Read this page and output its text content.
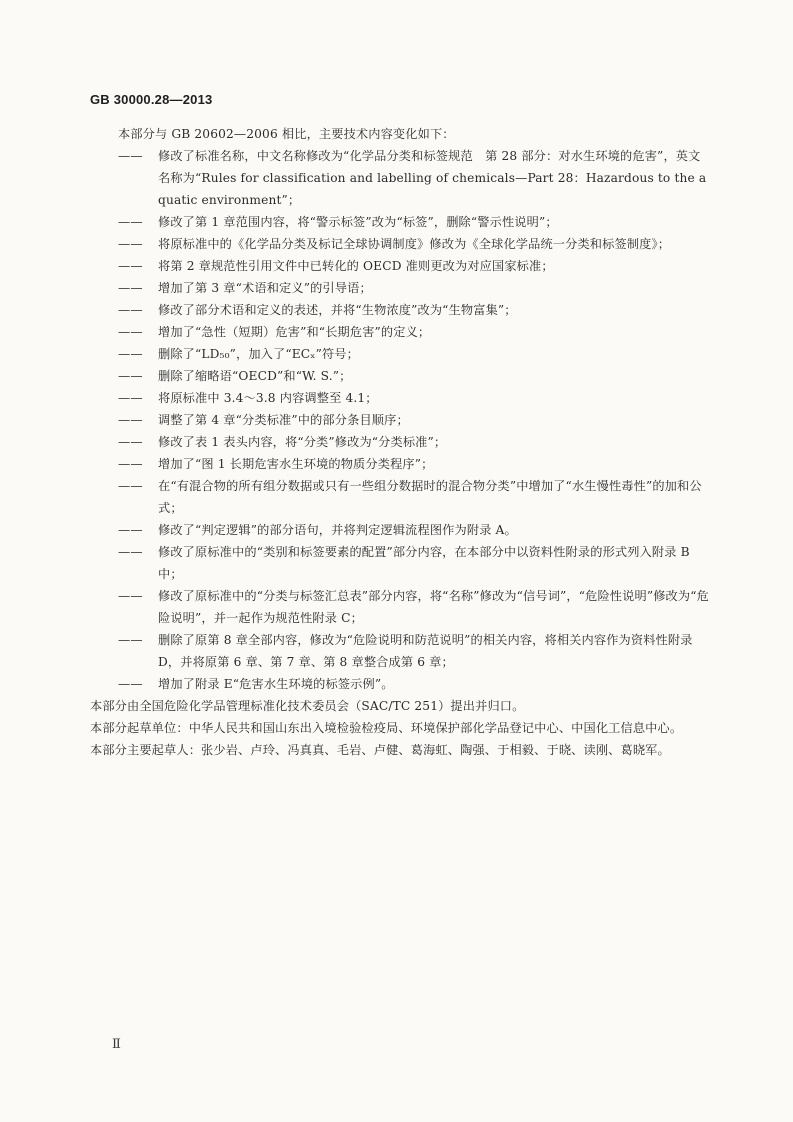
GB 30000.28—2013

本部分与 GB 20602—2006 相比，主要技术内容变化如下：

—— 修改了标准名称，中文名称修改为“化学品分类和标签规范　第 28 部分：对水生环境的危害”，英文名称为“Rules for classification and labelling of chemicals—Part 28：Hazardous to the aquatic environment”；

—— 修改了第 1 章范围内容，将“警示标签”改为“标签”，删除“警示性说明”；

—— 将原标准中的《化学品分类及标记全球协调制度》修改为《全球化学品统一分类和标签制度》；

—— 将第 2 章规范性引用文件中已转化的 OECD 准则更改为对应国家标准；

—— 增加了第 3 章“术语和定义”的引导语；

—— 修改了部分术语和定义的表述，并将“生物浓度”改为“生物富集”；

—— 增加了“急性（短期）危害”和“长期危害”的定义；

—— 删除了“LD₅₀”，加入了“ECₓ”符号；

—— 删除了缩略语“OECD”和“W. S.”；

—— 将原标准中 3.4～3.8 内容调整至 4.1；

—— 调整了第 4 章“分类标准”中的部分条目顺序；

—— 修改了表 1 表头内容，将“分类”修改为“分类标准”；

—— 增加了“图 1 长期危害水生环境的物质分类程序”；

—— 在“有混合物的所有组分数据或只有一些组分数据时的混合物分类”中增加了“水生慢性毒性”的加和公式；

—— 修改了“判定逻辑”的部分语句，并将判定逻辑流程图作为附录 A。

—— 修改了原标准中的“类别和标签要素的配置”部分内容，在本部分中以资料性附录的形式列入附录 B 中；

—— 修改了原标准中的“分类与标签汇总表”部分内容，将“名称”修改为“信号词”，“危险性说明”修改为“危险说明”，并一起作为规范性附录 C；

—— 删除了原第 8 章全部内容，修改为“危险说明和防范说明”的相关内容，将相关内容作为资料性附录 D，并将原第 6 章、第 7 章、第 8 章整合成第 6 章；

—— 增加了附录 E“危害水生环境的标签示例”。

本部分由全国危险化学品管理标准化技术委员会（SAC/TC 251）提出并归口。

本部分起草单位：中华人民共和国山东出入境检验检疫局、环境保护部化学品登记中心、中国化工信息中心。

本部分主要起草人：张少岩、卢玲、冯真真、毛岩、卢健、葛海虹、陶强、于相毅、于晓、读刚、葛晓军。

Ⅱ
